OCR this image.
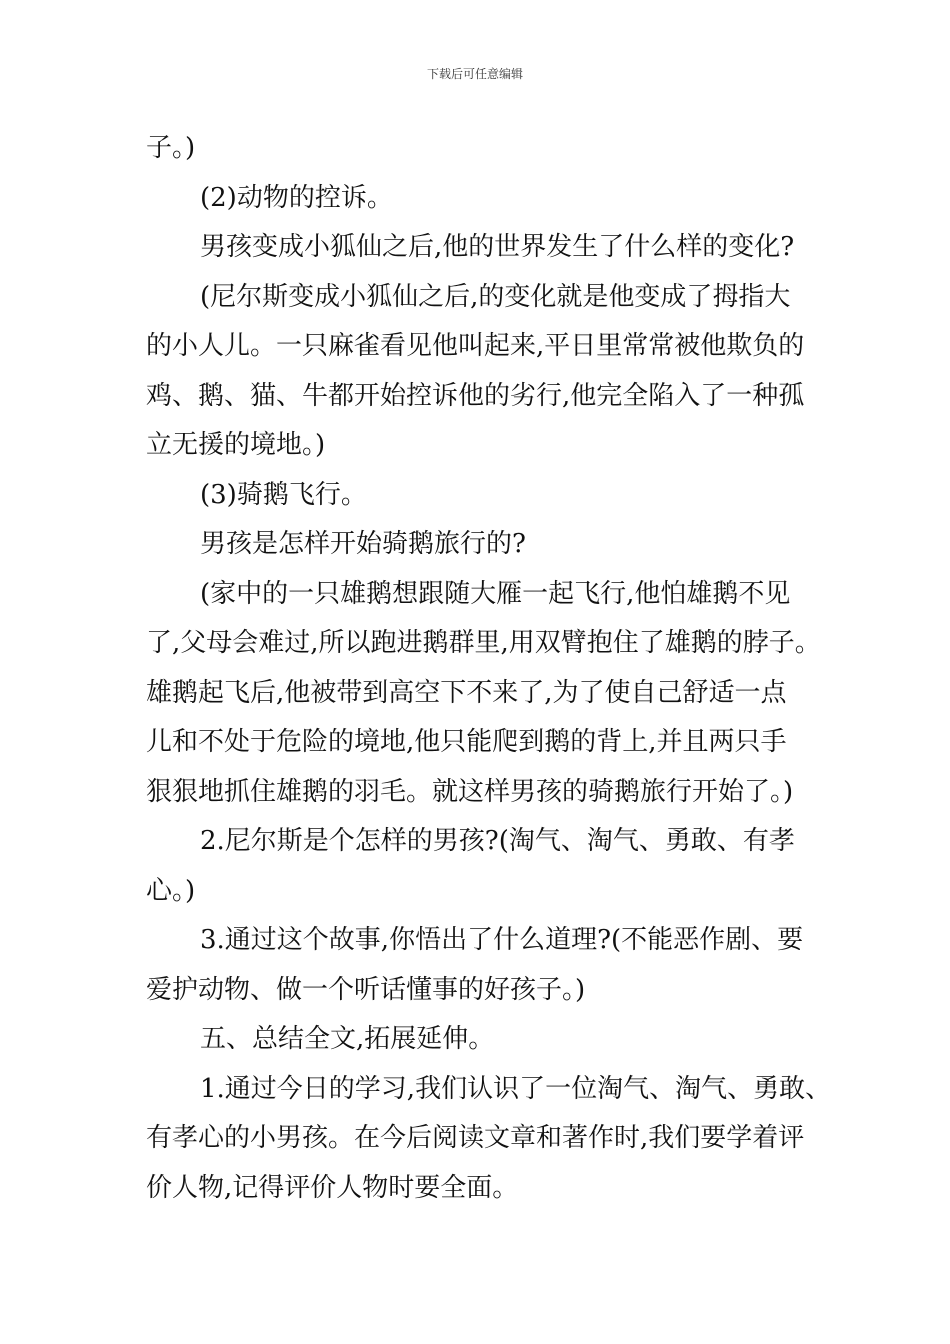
下载后可任意编辑
子。)
(2)动物的控诉。
男孩变成小狐仙之后,他的世界发生了什么样的变化?
(尼尔斯变成小狐仙之后,的变化就是他变成了拇指大
的小人儿。一只麻雀看见他叫起来,平日里常常被他欺负的
鸡、鹅、猫、牛都开始控诉他的劣行,他完全陷入了一种孤
立无援的境地。)
(3)骑鹅飞行。
男孩是怎样开始骑鹅旅行的?
(家中的一只雄鹅想跟随大雁一起飞行,他怕雄鹅不见
了,父母会难过,所以跑进鹅群里,用双臂抱住了雄鹅的脖子。
雄鹅起飞后,他被带到高空下不来了,为了使自己舒适一点
儿和不处于危险的境地,他只能爬到鹅的背上,并且两只手
狠狠地抓住雄鹅的羽毛。就这样男孩的骑鹅旅行开始了。)
2.尼尔斯是个怎样的男孩?(淘气、淘气、勇敢、有孝
心。)
3.通过这个故事,你悟出了什么道理?(不能恶作剧、要
爱护动物、做一个听话懂事的好孩子。)
五、总结全文,拓展延伸。
1.通过今日的学习,我们认识了一位淘气、淘气、勇敢、
有孝心的小男孩。在今后阅读文章和著作时,我们要学着评
价人物,记得评价人物时要全面。
